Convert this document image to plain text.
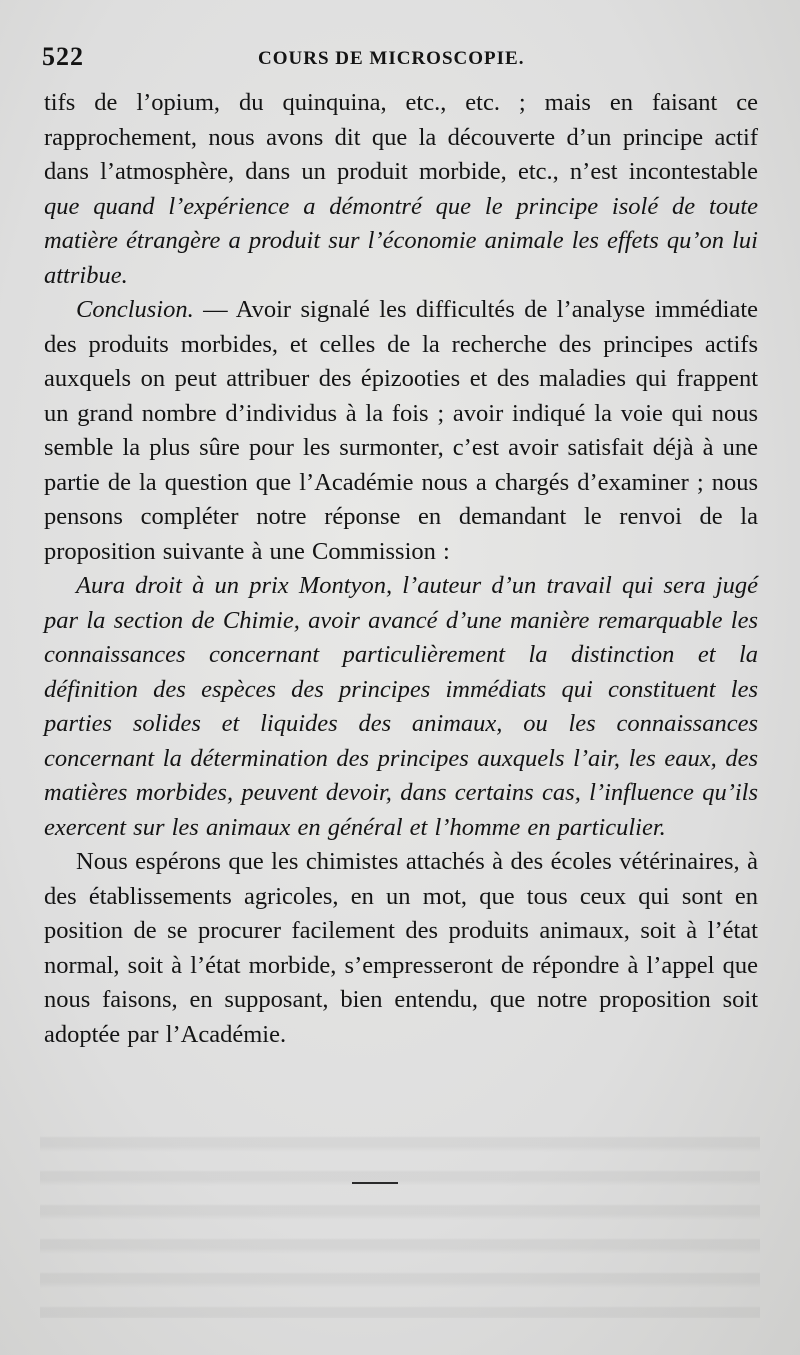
522	COURS DE MICROSCOPIE.

tifs de l’opium, du quinquina, etc., etc. ; mais en faisant ce rapprochement, nous avons dit que la découverte d’un principe actif dans l’atmosphère, dans un produit morbide, etc., n’est incontestable que quand l’expérience a démontré que le principe isolé de toute matière étrangère a produit sur l’économie animale les effets qu’on lui attribue.

Conclusion. — Avoir signalé les difficultés de l’analyse immédiate des produits morbides, et celles de la recherche des principes actifs auxquels on peut attribuer des épizooties et des maladies qui frappent un grand nombre d’individus à la fois ; avoir indiqué la voie qui nous semble la plus sûre pour les surmonter, c’est avoir satisfait déjà à une partie de la question que l’Académie nous a chargés d’examiner ; nous pensons compléter notre réponse en demandant le renvoi de la proposition suivante à une Commission :

Aura droit à un prix Montyon, l’auteur d’un travail qui sera jugé par la section de Chimie, avoir avancé d’une manière remarquable les connaissances concernant particulièrement la distinction et la définition des espèces des principes immédiats qui constituent les parties solides et liquides des animaux, ou les connaissances concernant la détermination des principes auxquels l’air, les eaux, des matières morbides, peuvent devoir, dans certains cas, l’influence qu’ils exercent sur les animaux en général et l’homme en particulier.

Nous espérons que les chimistes attachés à des écoles vétérinaires, à des établissements agricoles, en un mot, que tous ceux qui sont en position de se procurer facilement des produits animaux, soit à l’état normal, soit à l’état morbide, s’empresseront de répondre à l’appel que nous faisons, en supposant, bien entendu, que notre proposition soit adoptée par l’Académie.
